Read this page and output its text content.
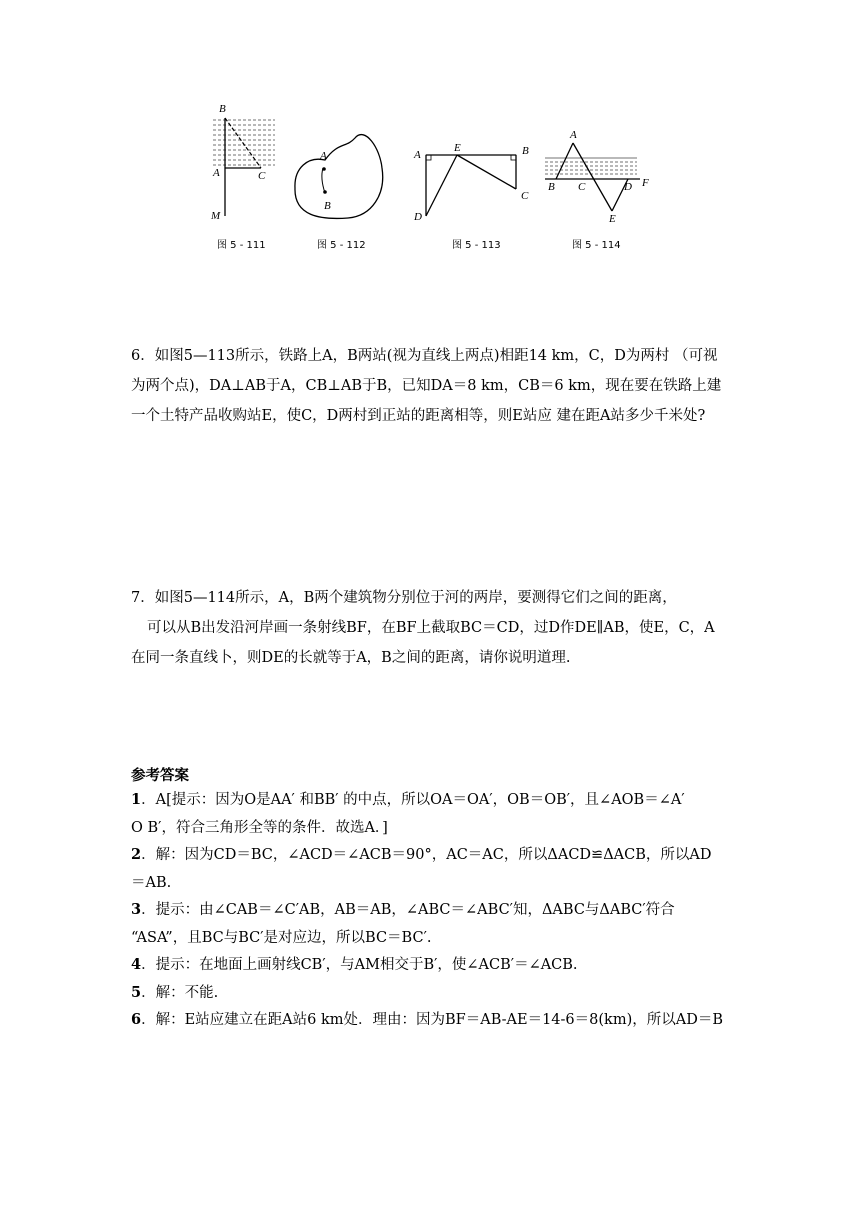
B
A	C
M
图 5 - 111
A
B
图 5 - 112
A
E	B
D
C
图 5 - 113
A
B C	D F
E
图 5 - 114
6．如图5—113所示，铁路上A，B两站(视为直线上两点)相距14 km，C，D为两村 （可视
为两个点)，DA⊥AB于A，CB⊥AB于B，已知DA＝8 km，CB＝6 km，现在要在铁路上建
一个土特产品收购站E，使C，D两村到正站的距离相等，则E站应 建在距A站多少千米处?
7．如图5—114所示，A，B两个建筑物分别位于河的两岸，要测得它们之间的距离，
可以从B出发沿河岸画一条射线BF，在BF上截取BC＝CD，过D作DE∥AB，使E，C，A
在同一条直线卜，则DE的长就等于A，B之间的距离，请你说明道理.
参考答案
1．A[提示：因为O是AA′ 和BB′ 的中点，所以OA＝OA′，OB＝OB′，且∠AOB＝∠A′
O B′，符合三角形全等的条件．故选A．]
2．解：因为CD＝BC，∠ACD＝∠ACB＝90°，AC＝AC，所以ΔACD≌ΔACB，所以AD
＝AB.
3．提示：由∠CAB＝∠C′AB，AB＝AB，∠ABC＝∠ABC′知，ΔABC与ΔABC′符合
“ASA”，且BC与BC′是对应边，所以BC＝BC′.
4．提示：在地面上画射线CB′，与AM相交于B′，使∠ACB′＝∠ACB.
5．解：不能.
6．解：E站应建立在距A站6 km处．理由：因为BF＝AB-AE＝14-6＝8(km)，所以AD＝B
